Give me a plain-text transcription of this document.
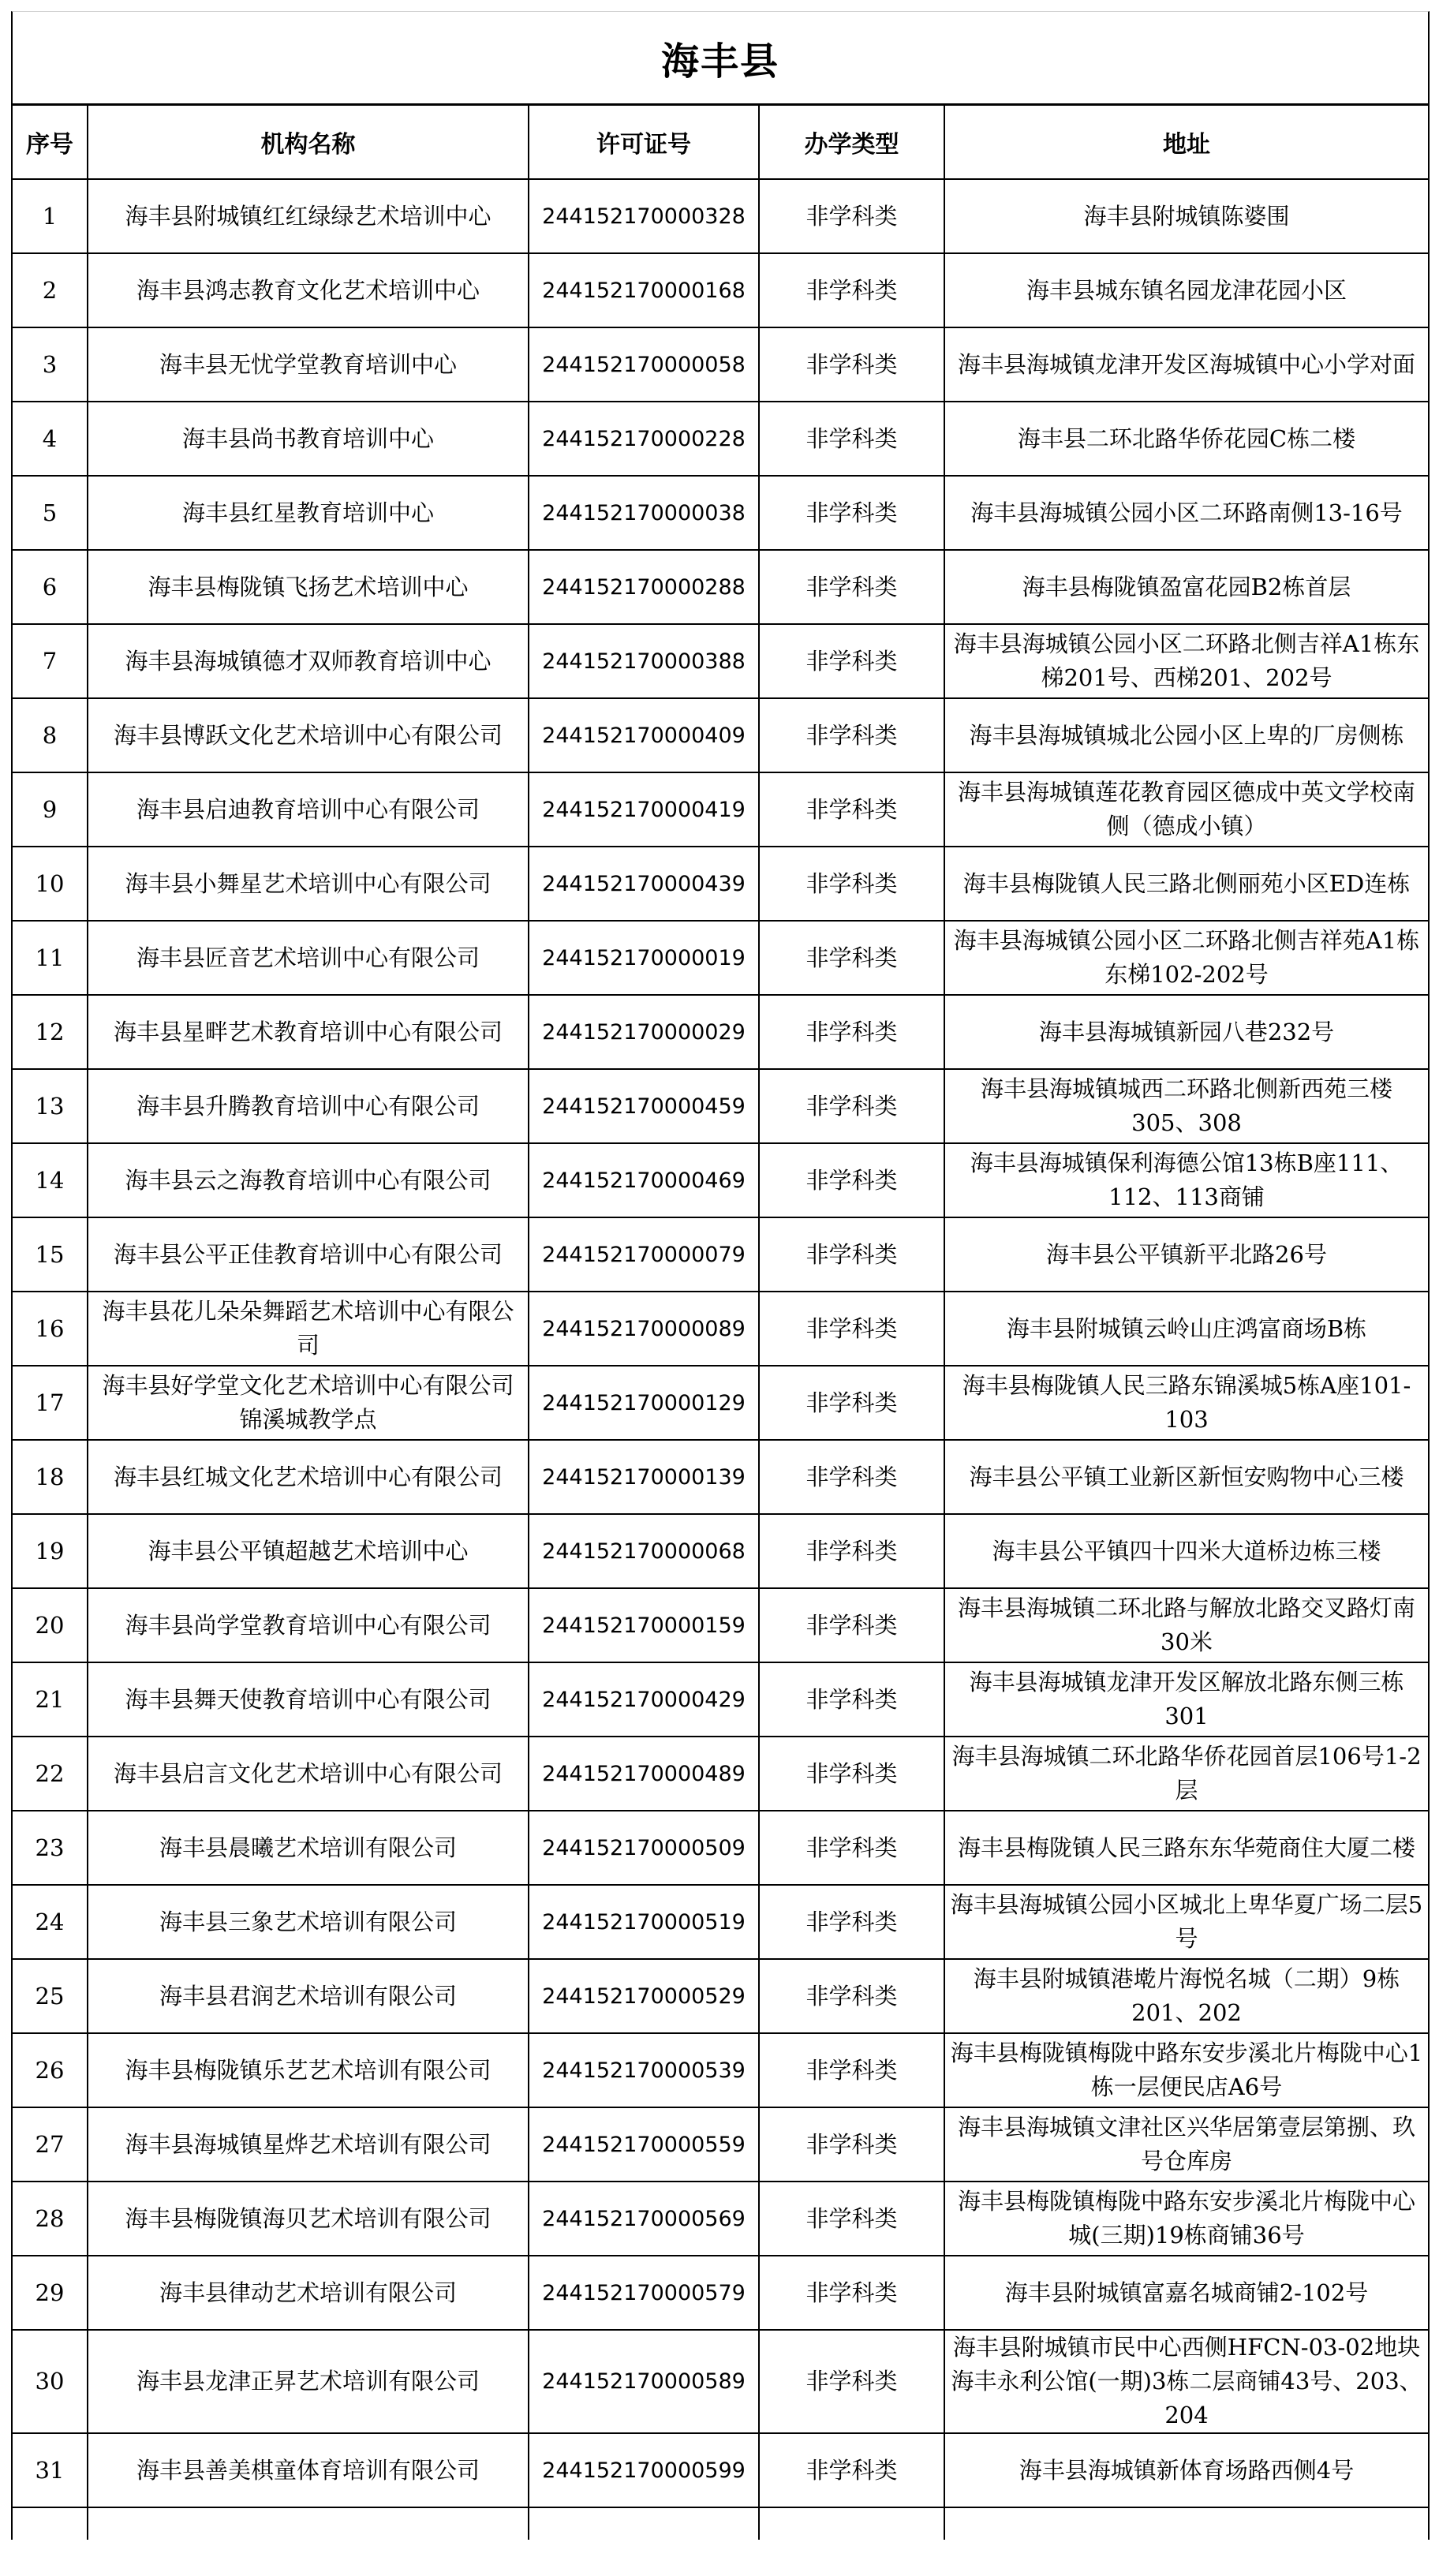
海丰县
序号	机构名称	许可证号	办学类型	地址
1	海丰县附城镇红红绿绿艺术培训中心	244152170000328	非学科类	海丰县附城镇陈婆围
2	海丰县鸿志教育文化艺术培训中心	244152170000168	非学科类	海丰县城东镇名园龙津花园小区
3	海丰县无忧学堂教育培训中心	244152170000058	非学科类	海丰县海城镇龙津开发区海城镇中心小学对面
4	海丰县尚书教育培训中心	244152170000228	非学科类	海丰县二环北路华侨花园C栋二楼
5	海丰县红星教育培训中心	244152170000038	非学科类	海丰县海城镇公园小区二环路南侧13-16号
6	海丰县梅陇镇飞扬艺术培训中心	244152170000288	非学科类	海丰县梅陇镇盈富花园B2栋首层
7	海丰县海城镇德才双师教育培训中心	244152170000388	非学科类	海丰县海城镇公园小区二环路北侧吉祥A1栋东梯201号、西梯201、202号
8	海丰县博跃文化艺术培训中心有限公司	244152170000409	非学科类	海丰县海城镇城北公园小区上卑的厂房侧栋
9	海丰县启迪教育培训中心有限公司	244152170000419	非学科类	海丰县海城镇莲花教育园区德成中英文学校南侧（德成小镇）
10	海丰县小舞星艺术培训中心有限公司	244152170000439	非学科类	海丰县梅陇镇人民三路北侧丽苑小区ED连栋
11	海丰县匠音艺术培训中心有限公司	244152170000019	非学科类	海丰县海城镇公园小区二环路北侧吉祥苑A1栋东梯102-202号
12	海丰县星畔艺术教育培训中心有限公司	244152170000029	非学科类	海丰县海城镇新园八巷232号
13	海丰县升腾教育培训中心有限公司	244152170000459	非学科类	海丰县海城镇城西二环路北侧新西苑三楼305、308
14	海丰县云之海教育培训中心有限公司	244152170000469	非学科类	海丰县海城镇保利海德公馆13栋B座111、112、113商铺
15	海丰县公平正佳教育培训中心有限公司	244152170000079	非学科类	海丰县公平镇新平北路26号
16	海丰县花儿朵朵舞蹈艺术培训中心有限公司	244152170000089	非学科类	海丰县附城镇云岭山庄鸿富商场B栋
17	海丰县好学堂文化艺术培训中心有限公司锦溪城教学点	244152170000129	非学科类	海丰县梅陇镇人民三路东锦溪城5栋A座101-103
18	海丰县红城文化艺术培训中心有限公司	244152170000139	非学科类	海丰县公平镇工业新区新恒安购物中心三楼
19	海丰县公平镇超越艺术培训中心	244152170000068	非学科类	海丰县公平镇四十四米大道桥边栋三楼
20	海丰县尚学堂教育培训中心有限公司	244152170000159	非学科类	海丰县海城镇二环北路与解放北路交叉路灯南30米
21	海丰县舞天使教育培训中心有限公司	244152170000429	非学科类	海丰县海城镇龙津开发区解放北路东侧三栋301
22	海丰县启言文化艺术培训中心有限公司	244152170000489	非学科类	海丰县海城镇二环北路华侨花园首层106号1-2层
23	海丰县晨曦艺术培训有限公司	244152170000509	非学科类	海丰县梅陇镇人民三路东东华菀商住大厦二楼
24	海丰县三象艺术培训有限公司	244152170000519	非学科类	海丰县海城镇公园小区城北上卑华夏广场二层5号
25	海丰县君润艺术培训有限公司	244152170000529	非学科类	海丰县附城镇港墘片海悦名城（二期）9栋201、202
26	海丰县梅陇镇乐艺艺术培训有限公司	244152170000539	非学科类	海丰县梅陇镇梅陇中路东安步溪北片梅陇中心1栋一层便民店A6号
27	海丰县海城镇星烨艺术培训有限公司	244152170000559	非学科类	海丰县海城镇文津社区兴华居第壹层第捌、玖号仓库房
28	海丰县梅陇镇海贝艺术培训有限公司	244152170000569	非学科类	海丰县梅陇镇梅陇中路东安步溪北片梅陇中心城(三期)19栋商铺36号
29	海丰县律动艺术培训有限公司	244152170000579	非学科类	海丰县附城镇富嘉名城商铺2-102号
30	海丰县龙津正昇艺术培训有限公司	244152170000589	非学科类	海丰县附城镇市民中心西侧HFCN-03-02地块海丰永利公馆(一期)3栋二层商铺43号、203、204
31	海丰县善美棋童体育培训有限公司	244152170000599	非学科类	海丰县海城镇新体育场路西侧4号
